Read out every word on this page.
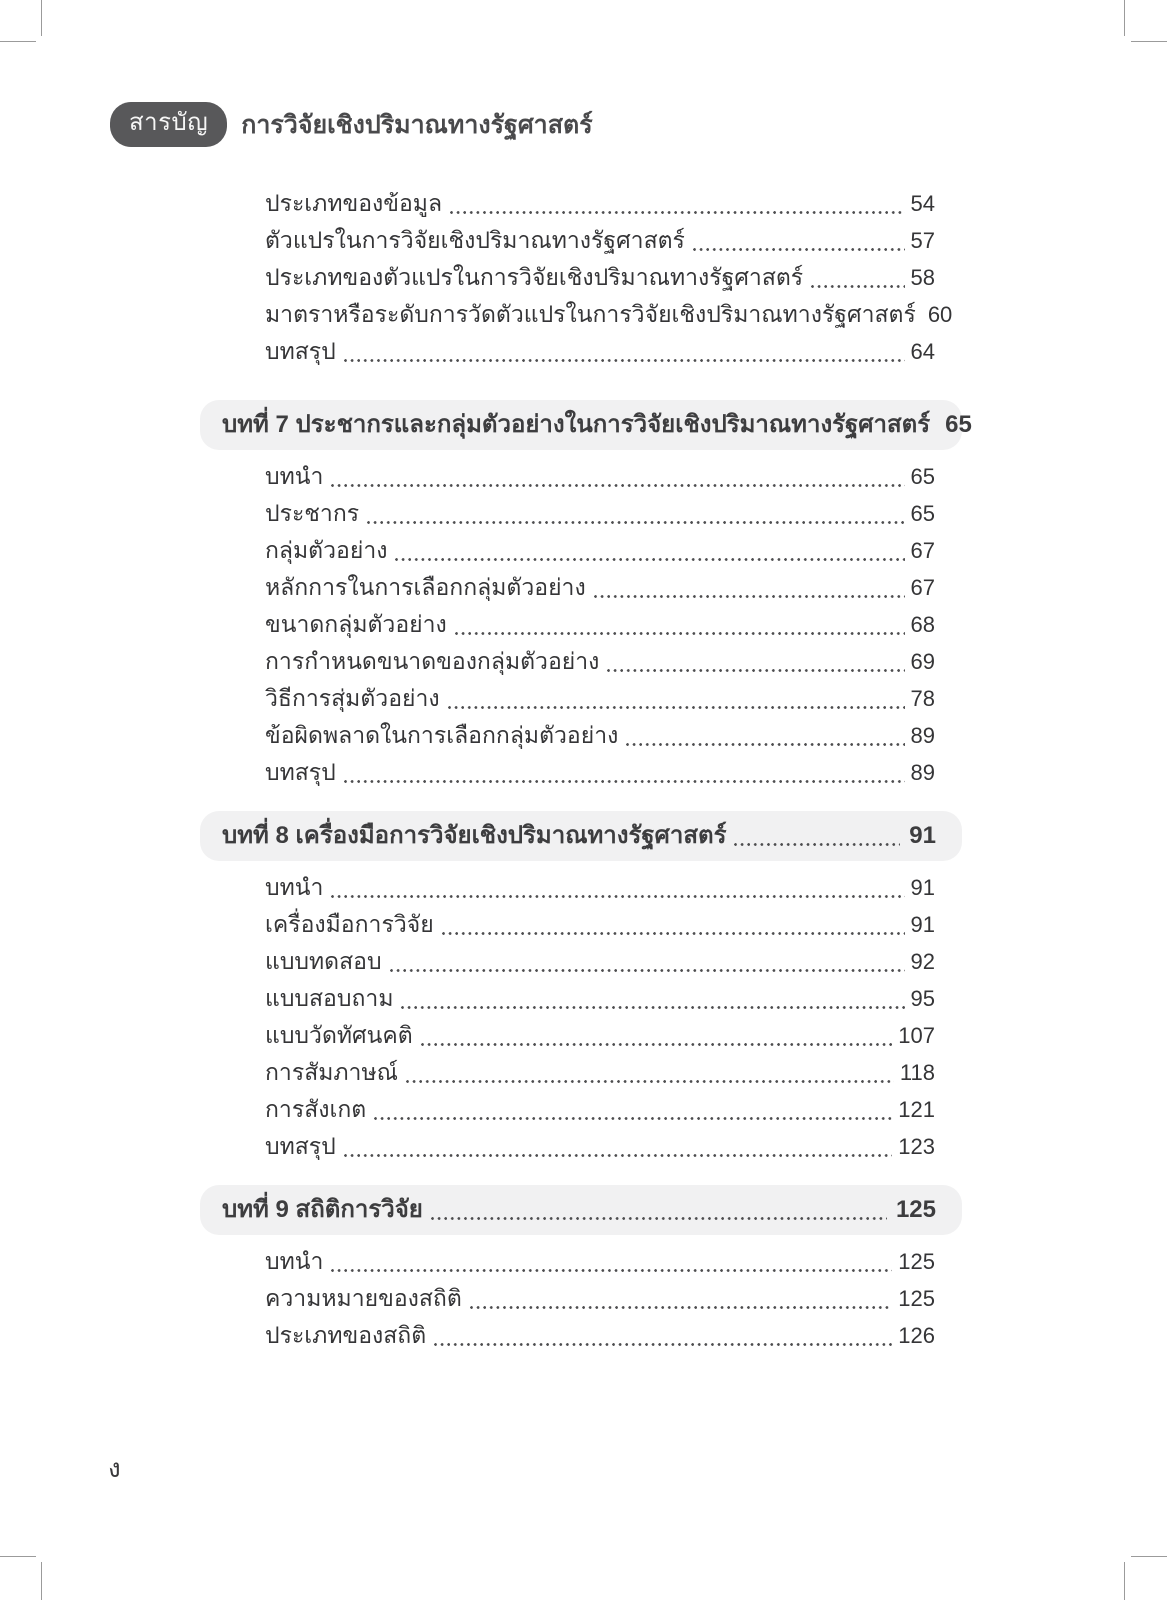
สารบัญ	การวิจัยเชิงปริมาณทางรัฐศาสตร์
ประเภทของข้อมูล	54
ตัวแปรในการวิจัยเชิงปริมาณทางรัฐศาสตร์	57
ประเภทของตัวแปรในการวิจัยเชิงปริมาณทางรัฐศาสตร์	58
มาตราหรือระดับการวัดตัวแปรในการวิจัยเชิงปริมาณทางรัฐศาสตร์ 60
บทสรุป	64
บทที่ 7 ประชากรและกลุ่มตัวอย่างในการวิจัยเชิงปริมาณทางรัฐศาสตร์ 65
บทนำ	65
ประชากร	65
กลุ่มตัวอย่าง	67
หลักการในการเลือกกลุ่มตัวอย่าง	67
ขนาดกลุ่มตัวอย่าง	68
การกำหนดขนาดของกลุ่มตัวอย่าง	69
วิธีการสุ่มตัวอย่าง	78
ข้อผิดพลาดในการเลือกกลุ่มตัวอย่าง	89
บทสรุป	89
บทที่ 8 เครื่องมือการวิจัยเชิงปริมาณทางรัฐศาสตร์	91
บทนำ	91
เครื่องมือการวิจัย	91
แบบทดสอบ	92
แบบสอบถาม	95
แบบวัดทัศนคติ	107
การสัมภาษณ์	118
การสังเกต	121
บทสรุป	123
บทที่ 9 สถิติการวิจัย	125
บทนำ	125
ความหมายของสถิติ	125
ประเภทของสถิติ	126
ง
